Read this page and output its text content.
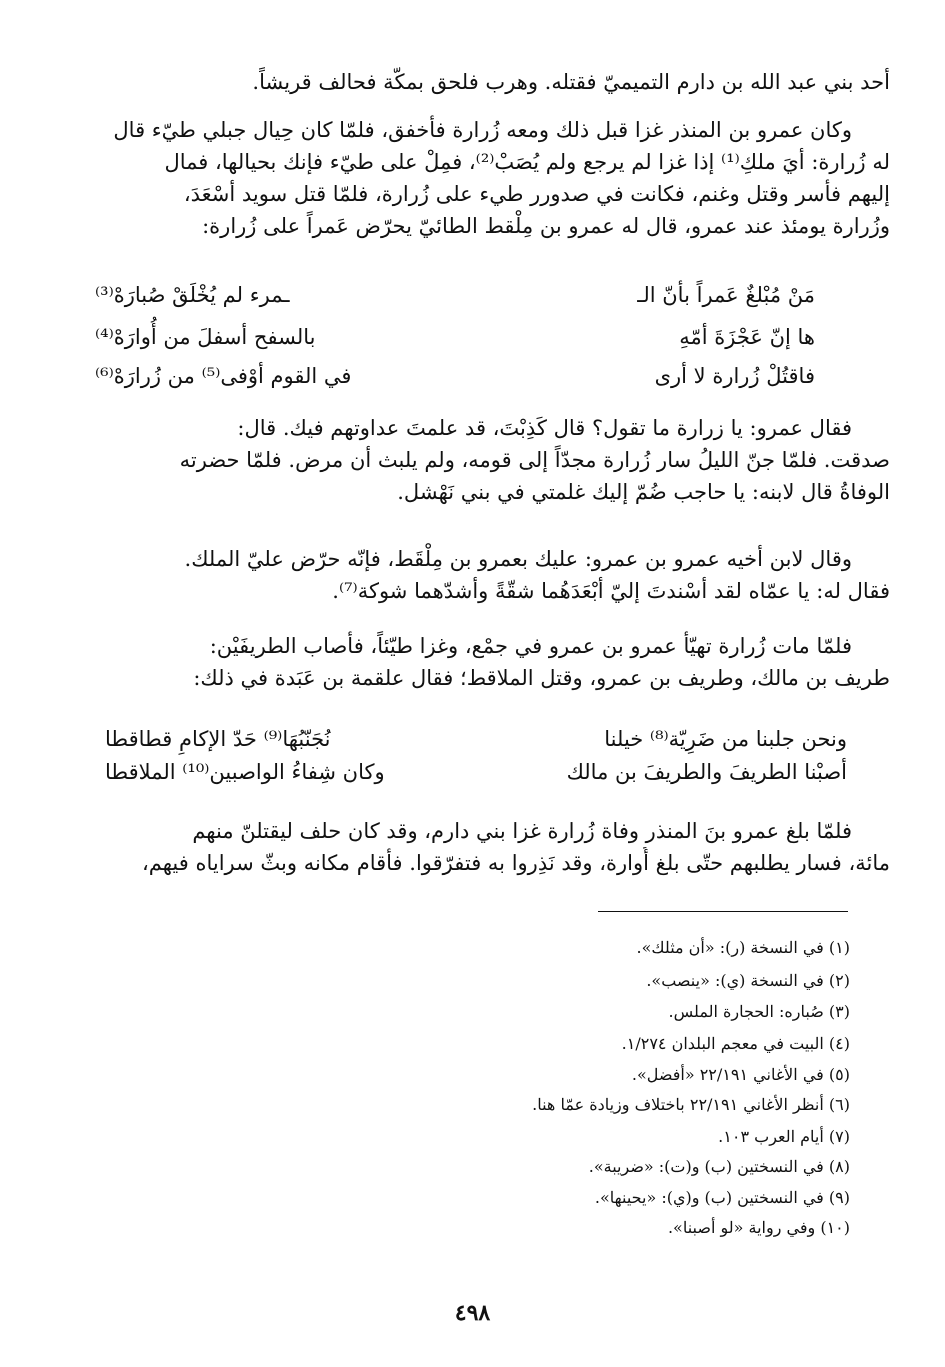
أحد بني عبد الله بن دارم التميميّ فقتله. وهرب فلحق بمكّة فحالف قريشاً.
وكان عمرو بن المنذر غزا قبل ذلك ومعه زُرارة فأخفق، فلمّا كان حِيال جبلي طيّء قال
له زُرارة: أيَ ملكِ⁽¹⁾ إذا غزا لم يرجع ولم يُصَبْ⁽²⁾، فمِلْ على طيّء فإنك بحيالها، فمال
إليهم فأسر وقتل وغنم، فكانت في صدورر طيء على زُرارة، فلمّا قتل سويد أسْعَدَ،
وزُرارة يومئذ عند عمرو، قال له عمرو بن مِلْقط الطائيّ يحرّض عَمراً على زُرارة:
مَنْ مُبْلغٌ عَمراً بأنّ الـ
ـمرء لم يُخْلَقْ صُبارَهْ⁽³⁾
ها إنّ عَجْزَةَ أمّهِ
بالسفح أسفلَ من أُوارَهْ⁽⁴⁾
فاقتُلْ زُرارة لا أرى
في القوم أوْفى⁽⁵⁾ من زُرارَهْ⁽⁶⁾
فقال عمرو: يا زرارة ما تقول؟ قال كَذِبْتَ، قد علمتَ عداوتهم فيك. قال:
صدقت. فلمّا جنّ الليلُ سار زُرارة مجدّاً إلى قومه، ولم يلبث أن مرض. فلمّا حضرته
الوفاةُ قال لابنه: يا حاجب ضُمّ إليك غلمتي في بني نَهْشل.
وقال لابن أخيه عمرو بن عمرو: عليك بعمرو بن مِلْقَط، فإنّه حرّض عليّ الملك.
فقال له: يا عمّاه لقد أسْندتَ إليّ أبْعَدَهُما شقّةً وأشدّهما شوكة⁽⁷⁾.
فلمّا مات زُرارة تهيّأ عمرو بن عمرو في جمْع، وغزا طيّئاً، فأصاب الطريفَيْن:
طريف بن مالك، وطريف بن عمرو، وقتل الملاقط؛ فقال علقمة بن عَبَدة في ذلك:
ونحن جلبنا من ضَرِيّة⁽⁸⁾ خيلنا
نُجَنّبُهَا⁽⁹⁾ حَدّ الإكامِ قطاقطا
أصبْنا الطريفَ والطريفَ بن مالك
وكان شِفاءُ الواصبين⁽¹⁰⁾ الملاقطا
فلمّا بلغ عمرو بنَ المنذر وفاة زُرارة غزا بني دارم، وقد كان حلف ليقتلنّ منهم
مائة، فسار يطلبهم حتّى بلغ أُوارة، وقد نَذِروا به فتفرّقوا. فأقام مكانه وبثّ سراياه فيهم،
(١) في النسخة (ر): «أن مثلك».
(٢) في النسخة (ي): «ينصب».
(٣) صُباره: الحجارة الملس.
(٤) البيت في معجم البلدان ١/٢٧٤.
(٥) في الأغاني ٢٢/١٩١ «أفضل».
(٦) أنظر الأغاني ٢٢/١٩١ باختلاف وزيادة عمّا هنا.
(٧) أيام العرب ١٠٣.
(٨) في النسختين (ب) و(ت): «ضريبة».
(٩) في النسختين (ب) و(ي): «يحينها».
(١٠) وفي رواية «لو أصبنا».
٤٩٨
